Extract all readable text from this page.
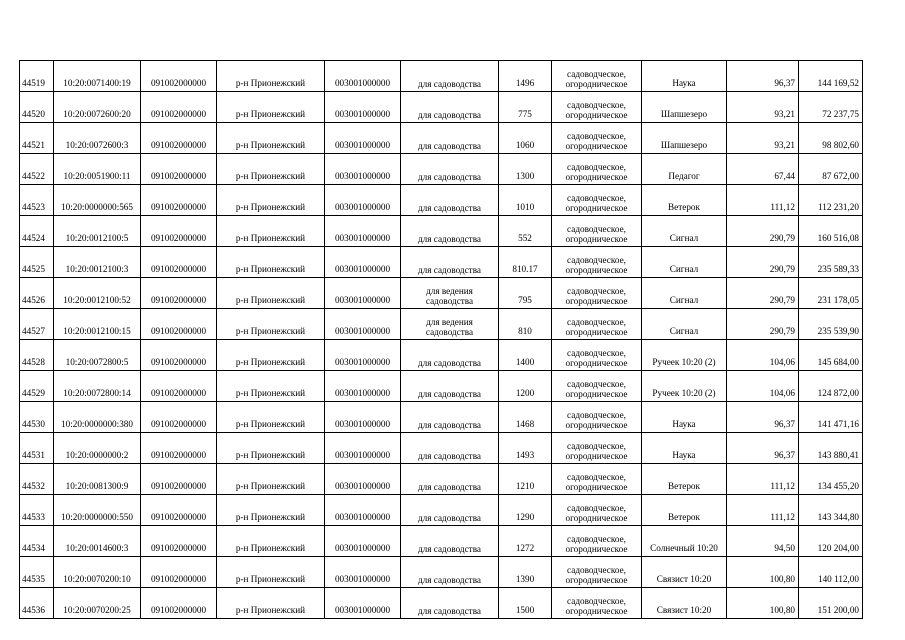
44519	10:20:0071400:19	091002000000	р-н Прионежский	003001000000	для садоводства	1496	садоводческое, огородническое	Наука	96,37	144 169,52
44520	10:20:0072600:20	091002000000	р-н Прионежский	003001000000	для садоводства	775	садоводческое, огородническое	Шапшезеро	93,21	72 237,75
44521	10:20:0072600:3	091002000000	р-н Прионежский	003001000000	для садоводства	1060	садоводческое, огородническое	Шапшезеро	93,21	98 802,60
44522	10:20:0051900:11	091002000000	р-н Прионежский	003001000000	для садоводства	1300	садоводческое, огородническое	Педагог	67,44	87 672,00
44523	10:20:0000000:565	091002000000	р-н Прионежский	003001000000	для садоводства	1010	садоводческое, огородническое	Ветерок	111,12	112 231,20
44524	10:20:0012100:5	091002000000	р-н Прионежский	003001000000	для садоводства	552	садоводческое, огородническое	Сигнал	290,79	160 516,08
44525	10:20:0012100:3	091002000000	р-н Прионежский	003001000000	для садоводства	810.17	садоводческое, огородническое	Сигнал	290,79	235 589,33
44526	10:20:0012100:52	091002000000	р-н Прионежский	003001000000	для ведения садоводства	795	садоводческое, огородническое	Сигнал	290,79	231 178,05
44527	10:20:0012100:15	091002000000	р-н Прионежский	003001000000	для ведения садоводства	810	садоводческое, огородническое	Сигнал	290,79	235 539,90
44528	10:20:0072800:5	091002000000	р-н Прионежский	003001000000	для садоводства	1400	садоводческое, огородническое	Ручеек 10:20 (2)	104,06	145 684,00
44529	10:20:0072800:14	091002000000	р-н Прионежский	003001000000	для садоводства	1200	садоводческое, огородническое	Ручеек 10:20 (2)	104,06	124 872,00
44530	10:20:0000000:380	091002000000	р-н Прионежский	003001000000	для садоводства	1468	садоводческое, огородническое	Наука	96,37	141 471,16
44531	10:20:0000000:2	091002000000	р-н Прионежский	003001000000	для садоводства	1493	садоводческое, огородническое	Наука	96,37	143 880,41
44532	10:20:0081300:9	091002000000	р-н Прионежский	003001000000	для садоводства	1210	садоводческое, огородническое	Ветерок	111,12	134 455,20
44533	10:20:0000000:550	091002000000	р-н Прионежский	003001000000	для садоводства	1290	садоводческое, огородническое	Ветерок	111,12	143 344,80
44534	10:20:0014600:3	091002000000	р-н Прионежский	003001000000	для садоводства	1272	садоводческое, огородническое	Солнечный 10:20	94,50	120 204,00
44535	10:20:0070200:10	091002000000	р-н Прионежский	003001000000	для садоводства	1390	садоводческое, огородническое	Связист 10:20	100,80	140 112,00
44536	10:20:0070200:25	091002000000	р-н Прионежский	003001000000	для садоводства	1500	садоводческое, огородническое	Связист 10:20	100,80	151 200,00
